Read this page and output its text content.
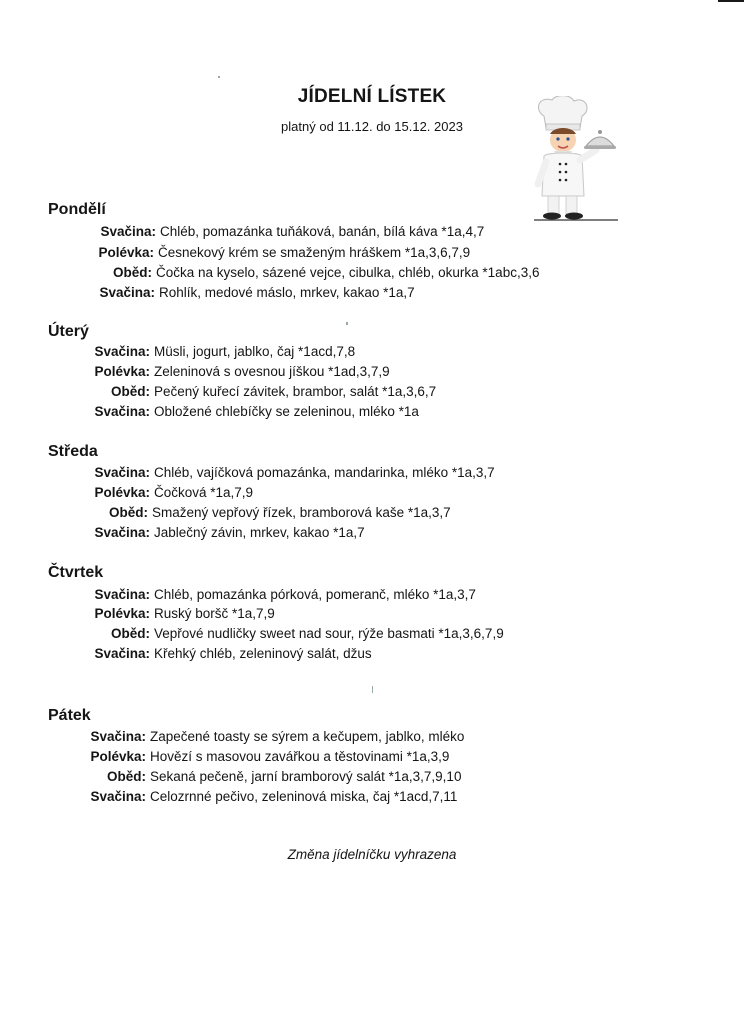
JÍDELNÍ LÍSTEK
platný od 11.12. do 15.12. 2023
Pondělí
Svačina: Chléb, pomazánka tuňáková, banán, bílá káva *1a,4,7
Polévka: Česnekový krém se smaženým hráškem *1a,3,6,7,9
Oběd: Čočka na kyselo, sázené vejce, cibulka, chléb, okurka *1abc,3,6
Svačina: Rohlík, medové máslo, mrkev, kakao *1a,7
Úterý
Svačina: Müsli, jogurt, jablko, čaj *1acd,7,8
Polévka: Zeleninová s ovesnou jíškou *1ad,3,7,9
Oběd: Pečený kuřecí závitek, brambor, salát *1a,3,6,7
Svačina: Obložené chlebíčky se zeleninou, mléko *1a
Středa
Svačina: Chléb, vajíčková pomazánka, mandarinka, mléko *1a,3,7
Polévka: Čočková *1a,7,9
Oběd: Smažený vepřový řízek, bramborová kaše *1a,3,7
Svačina: Jablečný závin, mrkev, kakao *1a,7
Čtvrtek
Svačina: Chléb, pomazánka pórková, pomeranč, mléko *1a,3,7
Polévka: Ruský boršč *1a,7,9
Oběd: Vepřové nudličky sweet nad sour, rýže basmati *1a,3,6,7,9
Svačina: Křehký chléb, zeleninový salát, džus
Pátek
Svačina: Zapečené toasty se sýrem a kečupem, jablko, mléko
Polévka: Hovězí s masovou zavářkou a těstovinami *1a,3,9
Oběd: Sekaná pečeně, jarní bramborový salát *1a,3,7,9,10
Svačina: Celozrnné pečivo, zeleninová miska, čaj *1acd,7,11
Změna jídelníčku vyhrazena
